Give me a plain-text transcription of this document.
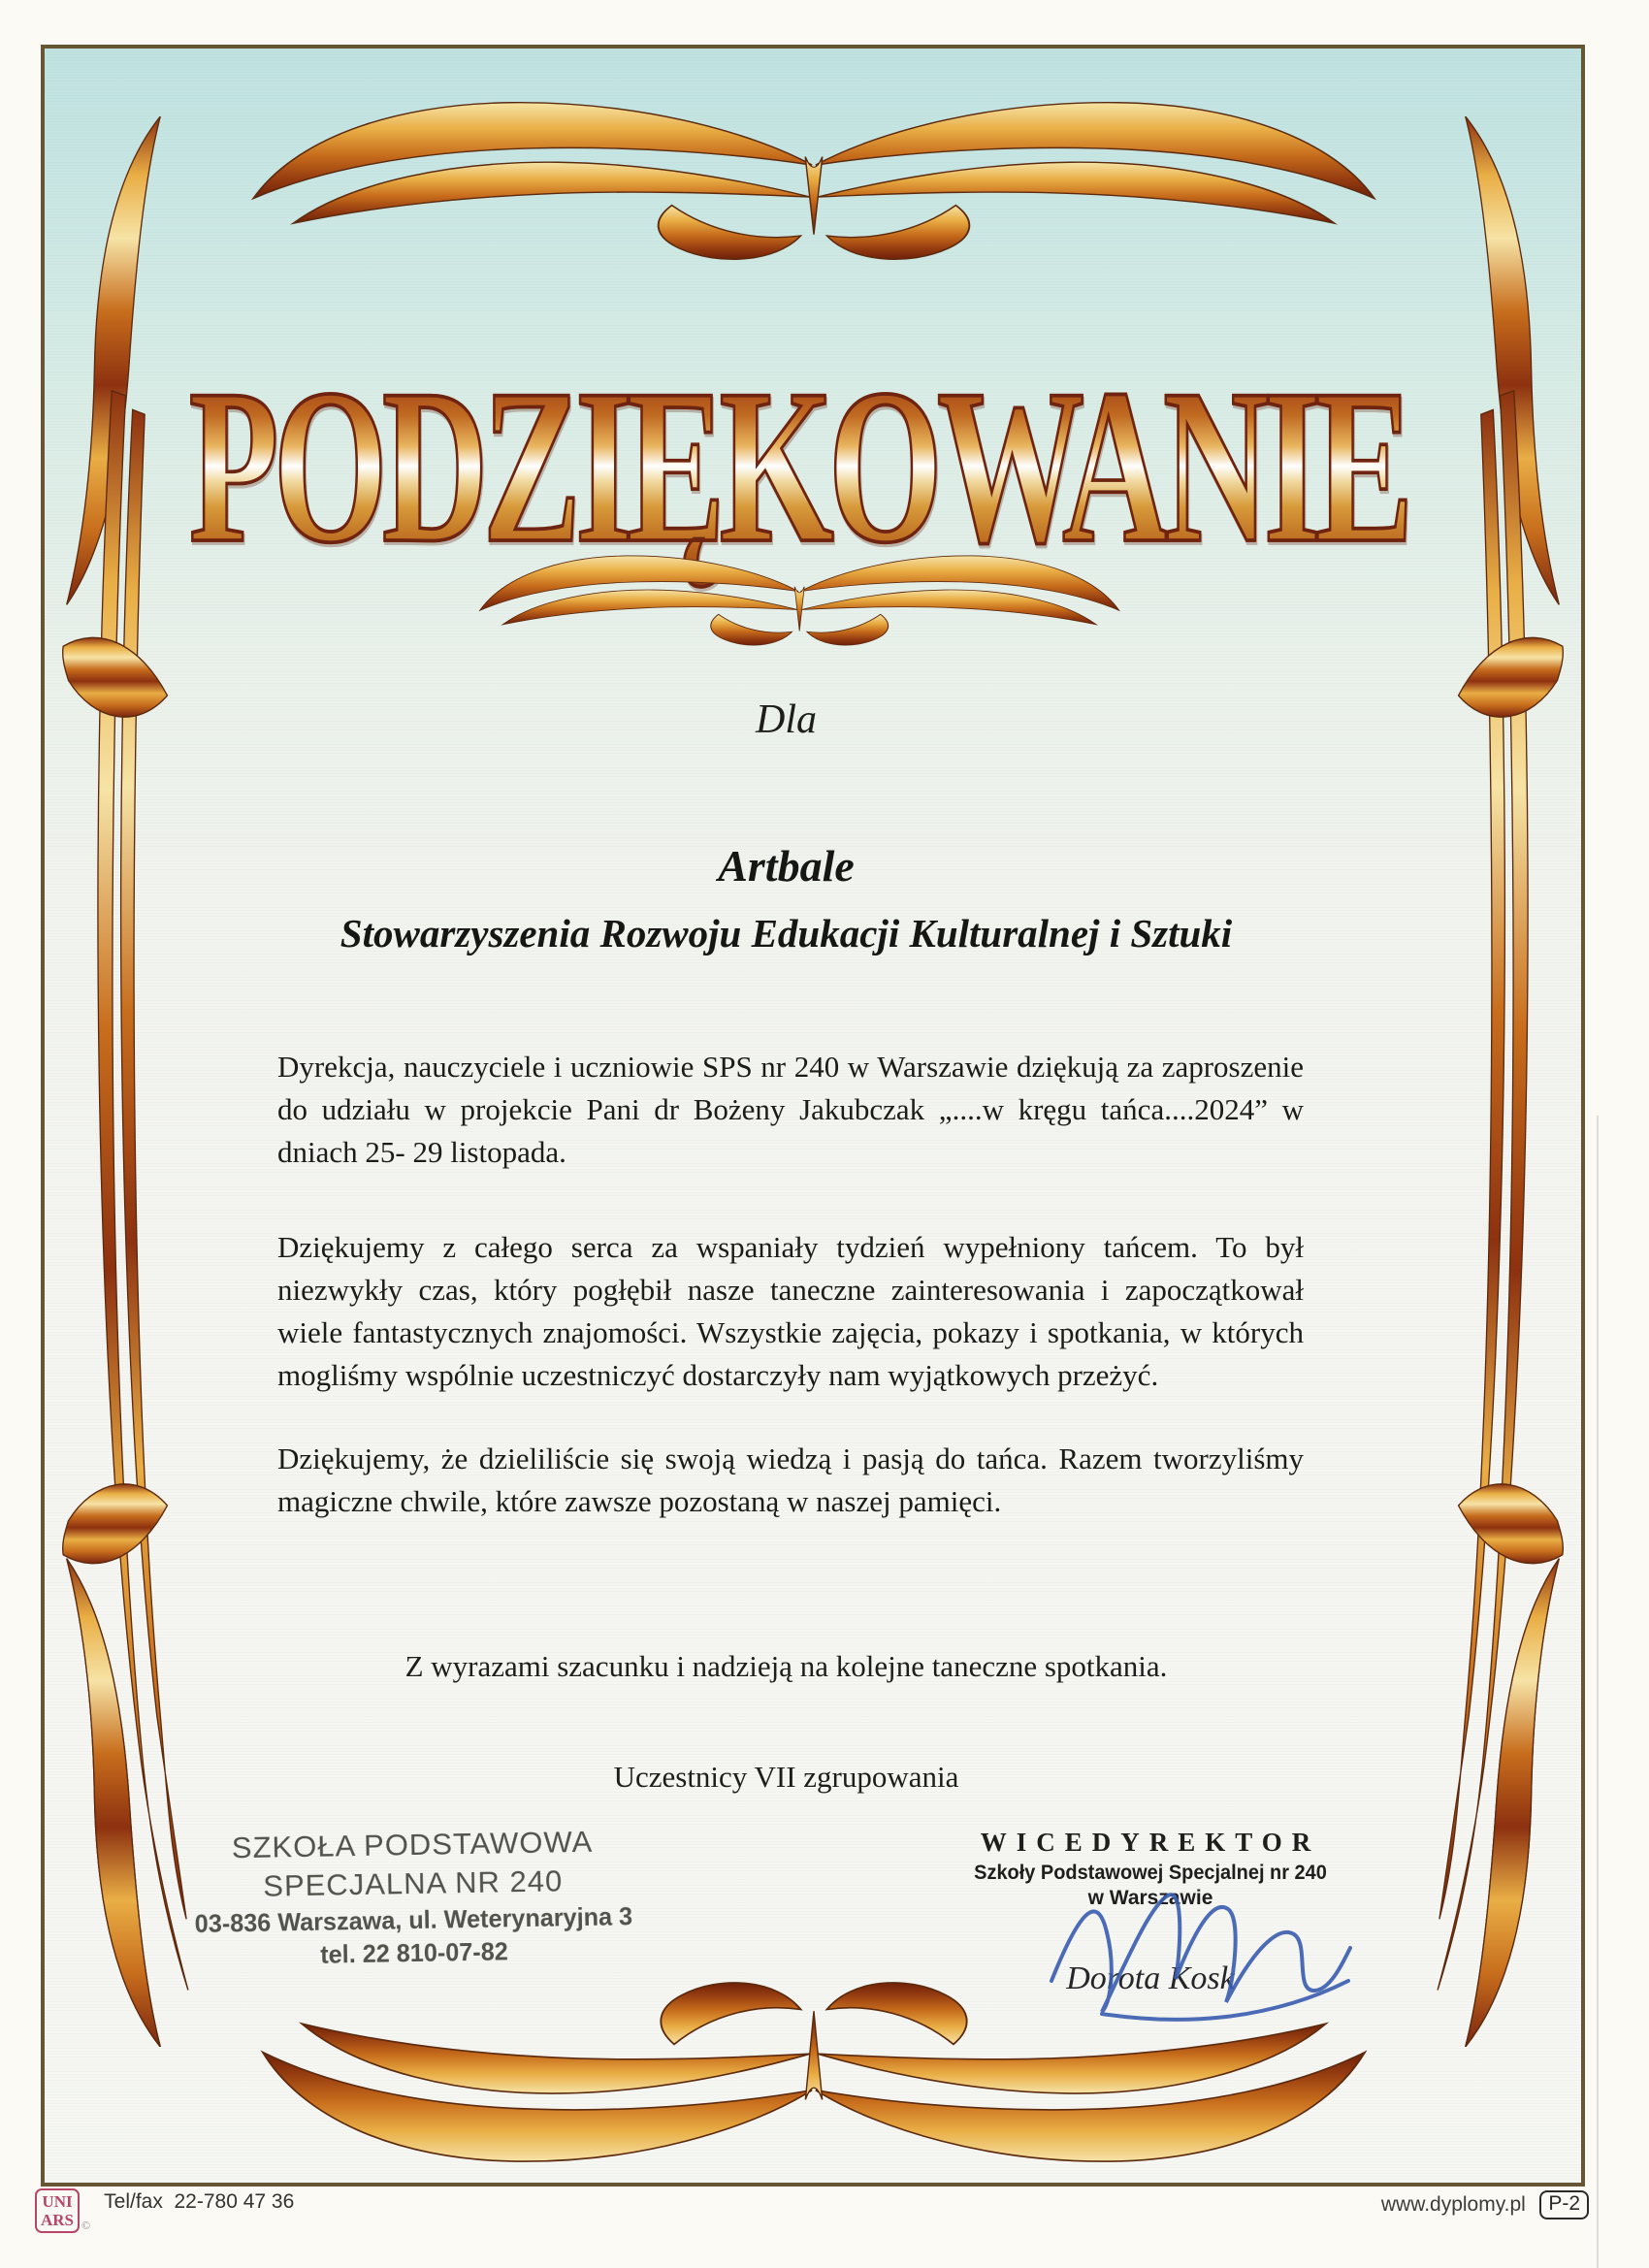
PODZIĘKOWANIE
Dla
Artbale
Stowarzyszenia Rozwoju Edukacji Kulturalnej i Sztuki
Dyrekcja, nauczyciele i uczniowie SPS nr 240 w Warszawie dziękują za zaproszenie do udziału w projekcie Pani dr Bożeny Jakubczak „....w kręgu tańca....2024” w dniach 25- 29 listopada.
Dziękujemy z całego serca za wspaniały tydzień wypełniony tańcem. To był niezwykły czas, który pogłębił nasze taneczne zainteresowania i zapoczątkował wiele fantastycznych znajomości. Wszystkie zajęcia, pokazy i spotkania, w których mogliśmy wspólnie uczestniczyć dostarczyły nam wyjątkowych przeżyć.
Dziękujemy, że dzieliliście się swoją wiedzą i pasją do tańca. Razem tworzyliśmy magiczne chwile, które zawsze pozostaną w naszej pamięci.
Z wyrazami szacunku i nadzieją na kolejne taneczne spotkania.
Uczestnicy VII zgrupowania
SZKOŁA PODSTAWOWA
SPECJALNA NR 240
03-836 Warszawa, ul. Weterynaryjna 3
tel. 22 810-07-82
WICEDYREKTOR
Szkoły Podstawowej Specjalnej nr 240
w Warszawie
Dorota Kosk
UNI
ARS © Tel/fax  22-780 47 36	www.dyplomy.pl P-2
